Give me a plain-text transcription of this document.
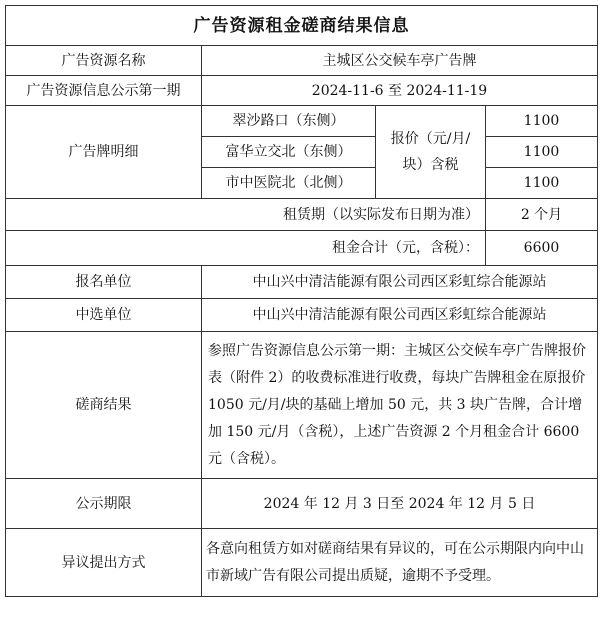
广告资源租金磋商结果信息			
广告资源名称	主城区公交候车亭广告牌		
广告资源信息公示第一期	2024-11-6 至 2024-11-19		
广告牌明细	翠沙路口（东侧）	报价（元/月/块）含税	1100
	富华立交北（东侧）		1100
	市中医院北（北侧）		1100
租赁期（以实际发布日期为准）			2 个月
租金合计（元，含税）：			6600
报名单位	中山兴中清洁能源有限公司西区彩虹综合能源站		
中选单位	中山兴中清洁能源有限公司西区彩虹综合能源站		
磋商结果	参照广告资源信息公示第一期：主城区公交候车亭广告牌报价表（附件 2）的收费标准进行收费，每块广告牌租金在原报价 1050 元/月/块的基础上增加 50 元，共 3 块广告牌，合计增加 150 元/月（含税），上述广告资源 2 个月租金合计 6600 元（含税）。		
公示期限	2024 年 12 月 3 日至 2024 年 12 月 5 日		
异议提出方式	各意向租赁方如对磋商结果有异议的，可在公示期限内向中山市新域广告有限公司提出质疑，逾期不予受理。		
